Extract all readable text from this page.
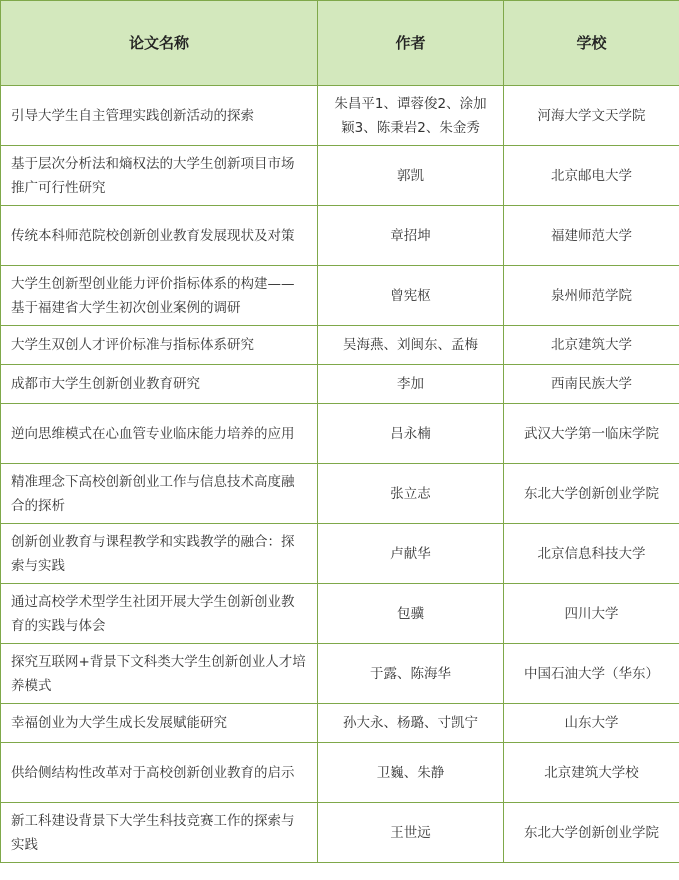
论文名称	作者	学校
引导大学生自主管理实践创新活动的探索	朱昌平1、谭蓉俊2、涂加颖3、陈秉岩2、朱金秀	河海大学文天学院
基于层次分析法和熵权法的大学生创新项目市场推广可行性研究	郭凯	北京邮电大学
传统本科师范院校创新创业教育发展现状及对策	章招坤	福建师范大学
大学生创新型创业能力评价指标体系的构建——基于福建省大学生初次创业案例的调研	曾宪枢	泉州师范学院
大学生双创人才评价标准与指标体系研究	吴海燕、刘闽东、孟梅	北京建筑大学
成都市大学生创新创业教育研究	李加	西南民族大学
逆向思维模式在心血管专业临床能力培养的应用	吕永楠	武汉大学第一临床学院
精准理念下高校创新创业工作与信息技术高度融合的探析	张立志	东北大学创新创业学院
创新创业教育与课程教学和实践教学的融合：探索与实践	卢献华	北京信息科技大学
通过高校学术型学生社团开展大学生创新创业教育的实践与体会	包骥	四川大学
探究互联网+背景下文科类大学生创新创业人才培养模式	于露、陈海华	中国石油大学（华东）
幸福创业为大学生成长发展赋能研究	孙大永、杨璐、寸凯宁	山东大学
供给侧结构性改革对于高校创新创业教育的启示	卫巍、朱静	北京建筑大学校
新工科建设背景下大学生科技竞赛工作的探索与实践	王世远	东北大学创新创业学院
